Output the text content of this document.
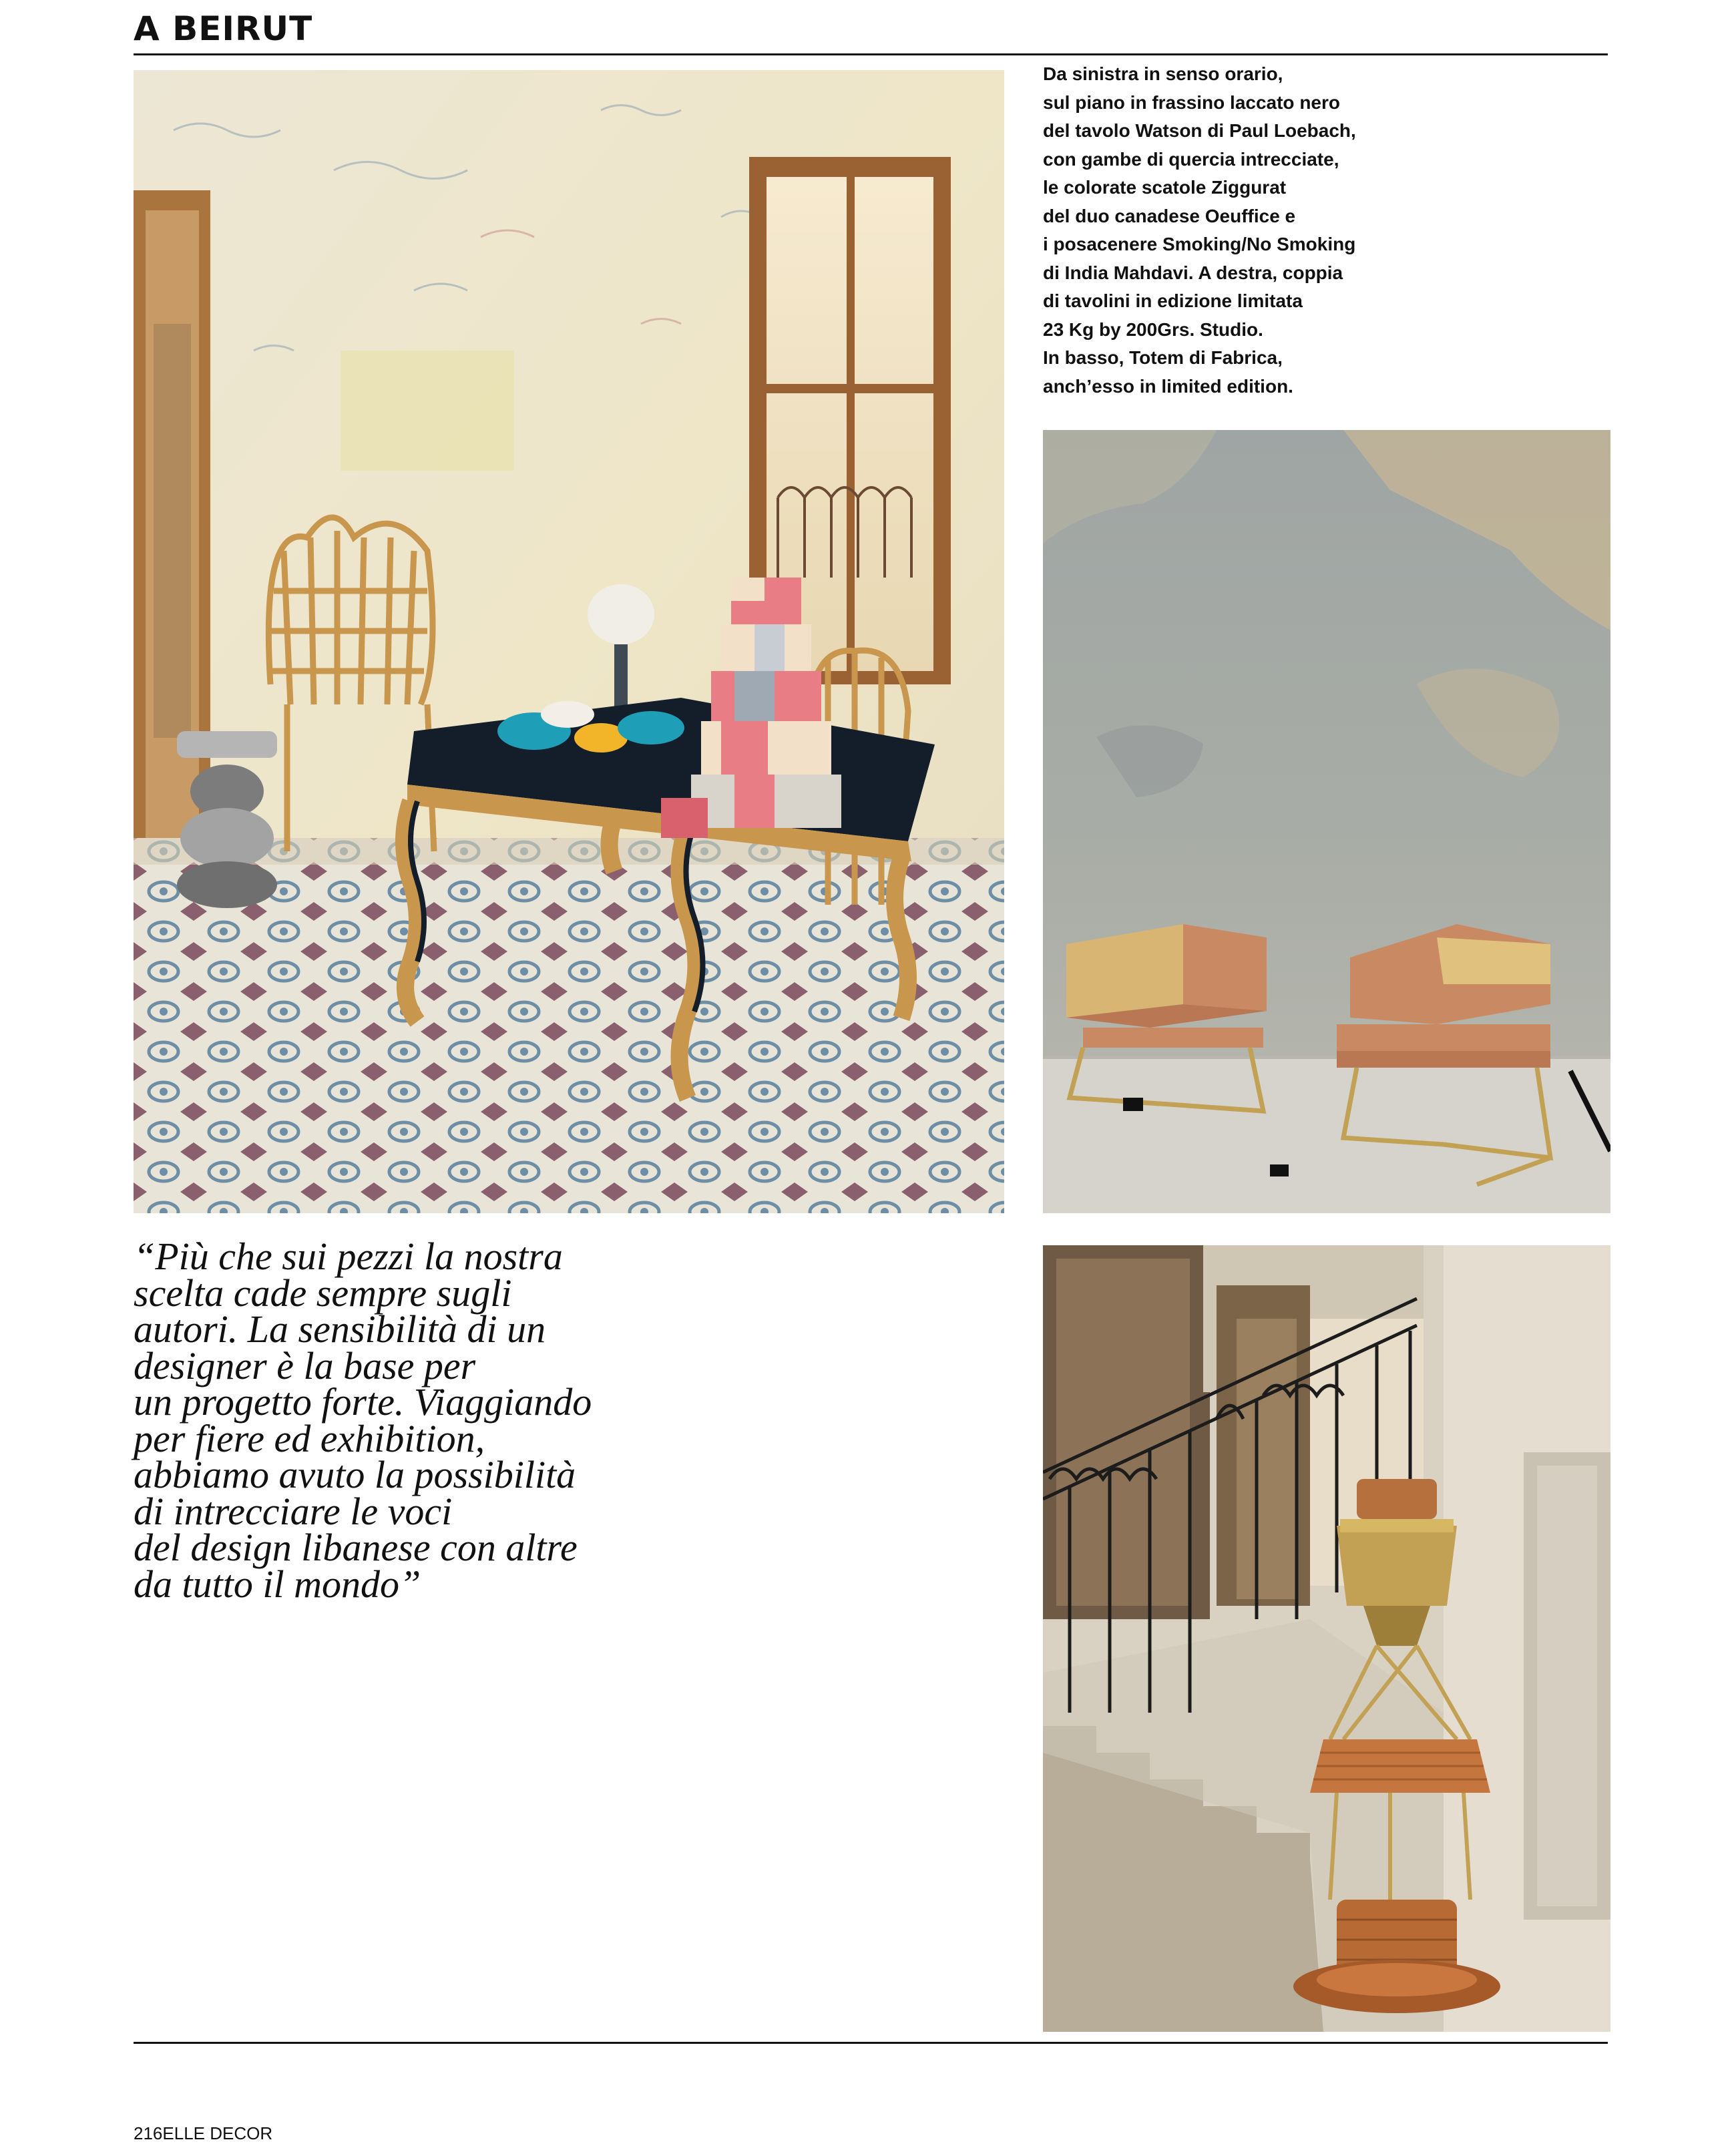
A BEIRUT
Da sinistra in senso orario,
sul piano in frassino laccato nero
del tavolo Watson di Paul Loebach,
con gambe di quercia intrecciate,
le colorate scatole Ziggurat
del duo canadese Oeuffice e
i posacenere Smoking/No Smoking
di India Mahdavi. A destra, coppia
di tavolini in edizione limitata
23 Kg by 200Grs. Studio.
In basso, Totem di Fabrica,
anch’esso in limited edition.
“Più che sui pezzi la nostra
scelta cade sempre sugli
autori. La sensibilità di un
designer è la base per
un progetto forte. Viaggiando
per fiere ed exhibition,
abbiamo avuto la possibilità
di intrecciare le voci
del design libanese con altre
da tutto il mondo”
216ELLE DECOR
